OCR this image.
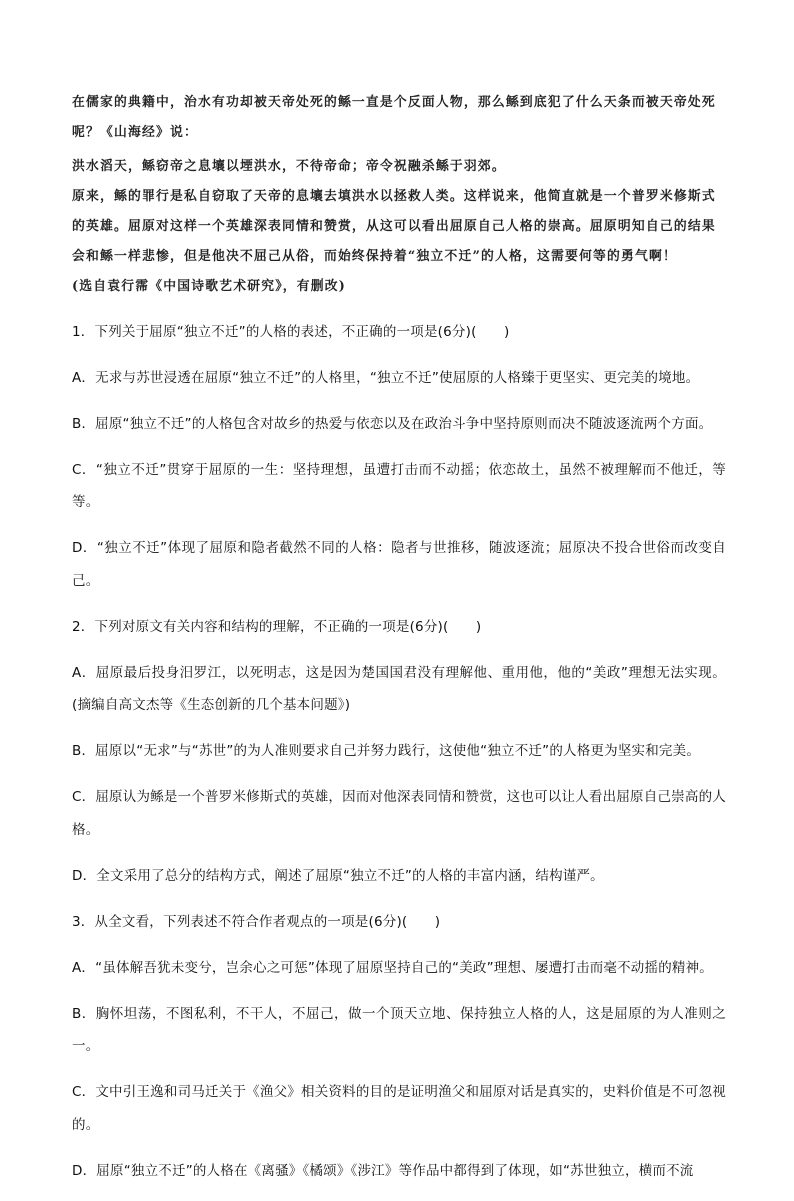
在儒家的典籍中，治水有功却被天帝处死的鲧一直是个反面人物，那么鲧到底犯了什么天条而被天帝处死呢？《山海经》说：

洪水滔天，鲧窃帝之息壤以堙洪水，不待帝命；帝令祝融杀鲧于羽郊。

原来，鲧的罪行是私自窃取了天帝的息壤去填洪水以拯救人类。这样说来，他简直就是一个普罗米修斯式的英雄。屈原对这样一个英雄深表同情和赞赏，从这可以看出屈原自己人格的崇高。屈原明知自己的结果会和鲧一样悲惨，但是他决不屈己从俗，而始终保持着“独立不迁”的人格，这需要何等的勇气啊！

(选自袁行霈《中国诗歌艺术研究》，有删改)

1．下列关于屈原“独立不迁”的人格的表述，不正确的一项是(6分)(　　)

A．无求与苏世浸透在屈原“独立不迁”的人格里，“独立不迁”使屈原的人格臻于更坚实、更完美的境地。

B．屈原“独立不迁”的人格包含对故乡的热爱与依恋以及在政治斗争中坚持原则而决不随波逐流两个方面。

C．“独立不迁”贯穿于屈原的一生：坚持理想，虽遭打击而不动摇；依恋故土，虽然不被理解而不他迁，等等。

D．“独立不迁”体现了屈原和隐者截然不同的人格：隐者与世推移，随波逐流；屈原决不投合世俗而改变自己。

2．下列对原文有关内容和结构的理解，不正确的一项是(6分)(　　)

A．屈原最后投身汨罗江，以死明志，这是因为楚国国君没有理解他、重用他，他的“美政”理想无法实现。(摘编自高文杰等《生态创新的几个基本问题》)

B．屈原以“无求”与“苏世”的为人准则要求自己并努力践行，这使他“独立不迁”的人格更为坚实和完美。

C．屈原认为鲧是一个普罗米修斯式的英雄，因而对他深表同情和赞赏，这也可以让人看出屈原自己崇高的人格。

D．全文采用了总分的结构方式，阐述了屈原“独立不迁”的人格的丰富内涵，结构谨严。

3．从全文看，下列表述不符合作者观点的一项是(6分)(　　)

A．“虽体解吾犹未变兮，岂余心之可惩”体现了屈原坚持自己的“美政”理想、屡遭打击而毫不动摇的精神。

B．胸怀坦荡，不图私利，不干人，不屈己，做一个顶天立地、保持独立人格的人，这是屈原的为人准则之一。

C．文中引王逸和司马迁关于《渔父》相关资料的目的是证明渔父和屈原对话是真实的，史料价值是不可忽视的。

D．屈原“独立不迁”的人格在《离骚》《橘颂》《涉江》等作品中都得到了体现，如“苏世独立，横而不流
